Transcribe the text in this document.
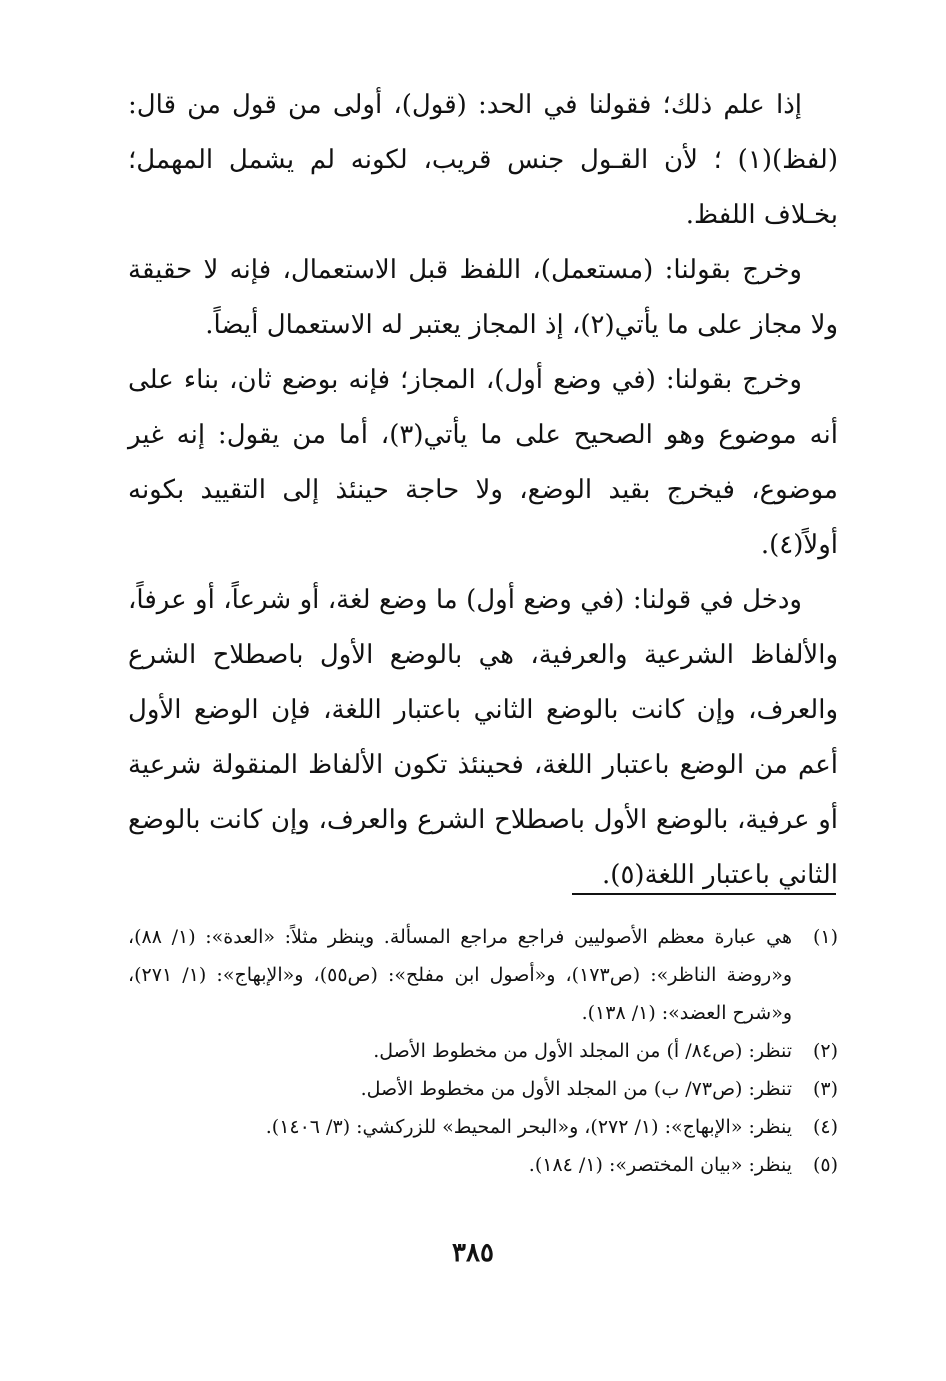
إذا علم ذلك؛ فقولنا في الحد: (قول)، أولى من قول من قال: (لفظ)(١) ؛ لأن القـول جنس قريب، لكونه لم يشمل المهمل؛ بخـلاف اللفظ.

وخرج بقولنا: (مستعمل)، اللفظ قبل الاستعمال، فإنه لا حقيقة ولا مجاز على ما يأتي(٢)، إذ المجاز يعتبر له الاستعمال أيضاً.

وخرج بقولنا: (في وضع أول)، المجاز؛ فإنه بوضع ثان، بناء على أنه موضوع وهو الصحيح على ما يأتي(٣)، أما من يقول: إنه غير موضوع، فيخرج بقيد الوضع، ولا حاجة حينئذ إلى التقييد بكونه أولاً(٤).

ودخل في قولنا: (في وضع أول) ما وضع لغة، أو شرعاً، أو عرفاً، والألفاظ الشرعية والعرفية، هي بالوضع الأول باصطلاح الشرع والعرف، وإن كانت بالوضع الثاني باعتبار اللغة، فإن الوضع الأول أعم من الوضع باعتبار اللغة، فحينئذ تكون الألفاظ المنقولة شرعية أو عرفية، بالوضع الأول باصطلاح الشرع والعرف، وإن كانت بالوضع الثاني باعتبار اللغة(٥).

(١)
هي عبارة معظم الأصوليين فراجع مراجع المسألة. وينظر مثلاً: «العدة»: (١/ ٨٨)، و«روضة الناظر»: (ص١٧٣)، و«أصول ابن مفلح»: (ص٥٥)، و«الإبهاج»: (١/ ٢٧١)، و«شرح العضد»: (١/ ١٣٨).
(٢)
تنظر: (ص٨٤/ أ) من المجلد الأول من مخطوط الأصل.
(٣)
تنظر: (ص٧٣/ ب) من المجلد الأول من مخطوط الأصل.
(٤)
ينظر: «الإبهاج»: (١/ ٢٧٢)، و«البحر المحيط» للزركشي: (٣/ ١٤٠٦).
(٥)
ينظر: «بيان المختصر»: (١/ ١٨٤).
٣٨٥
